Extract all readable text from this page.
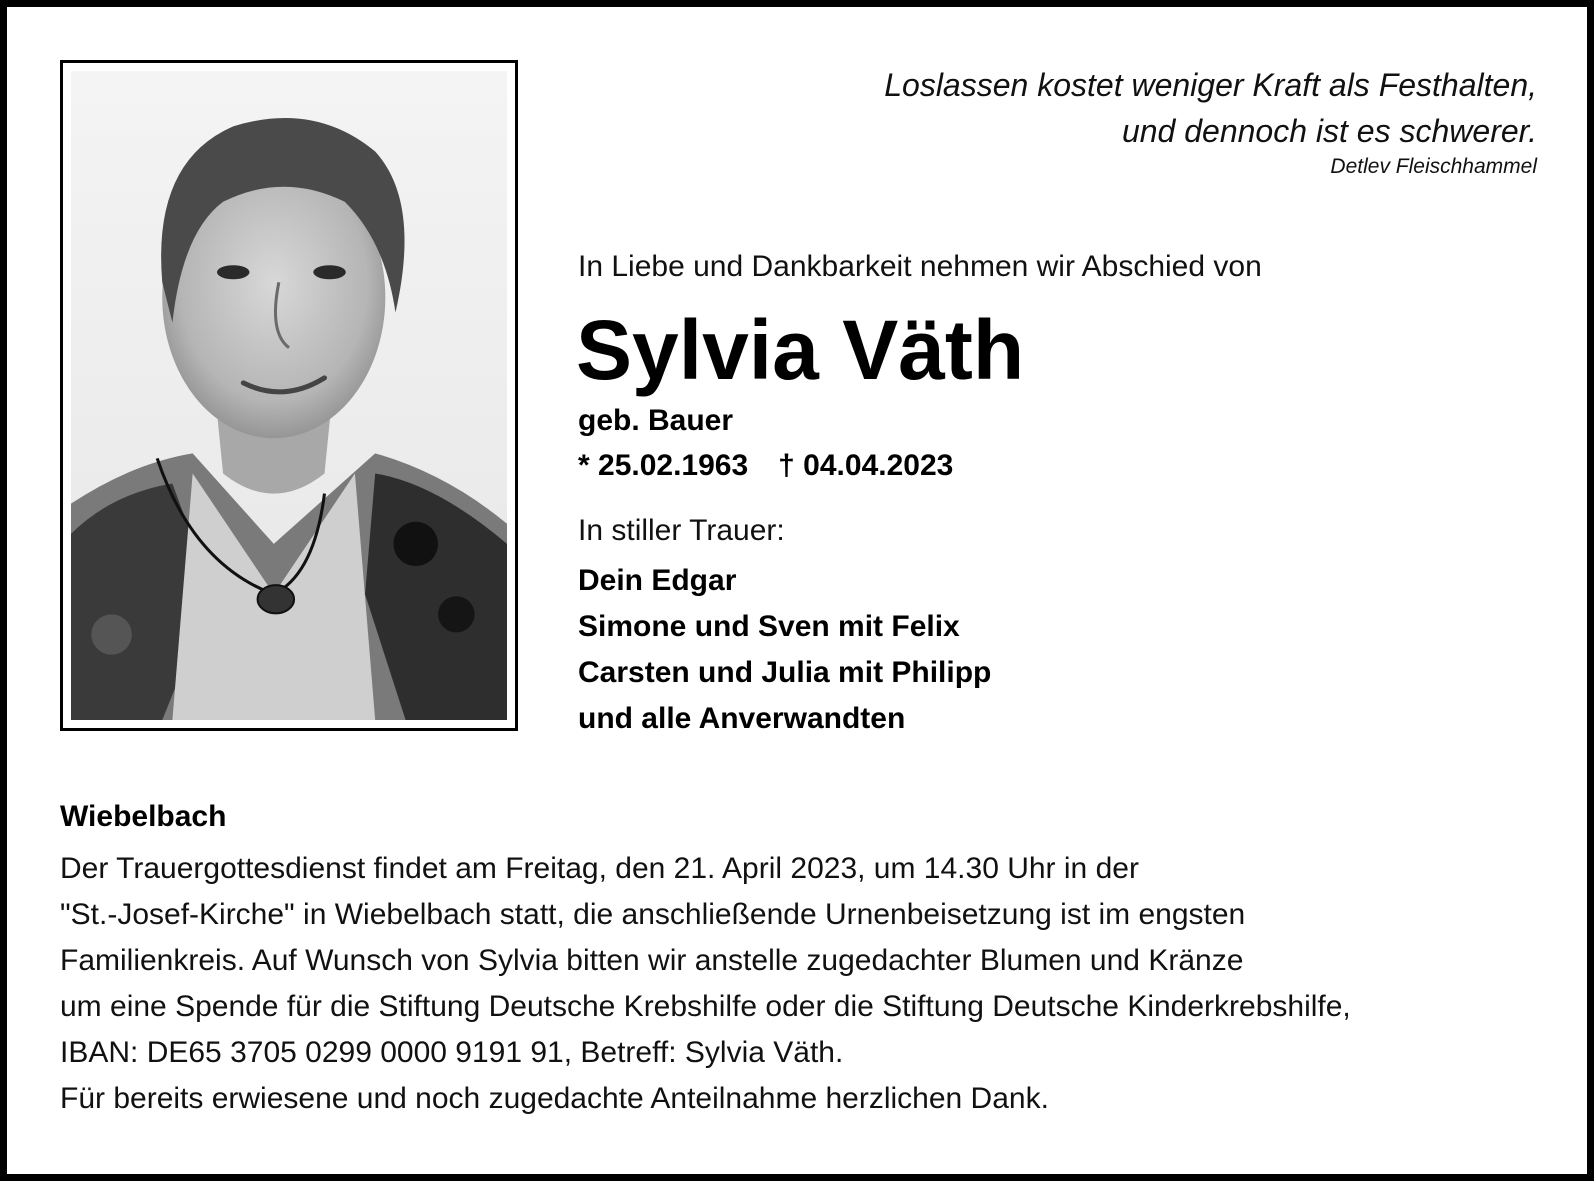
Loslassen kostet weniger Kraft als Festhalten,
und dennoch ist es schwerer.
Detlev Fleischhammel
In Liebe und Dankbarkeit nehmen wir Abschied von
Sylvia Väth
geb. Bauer
* 25.02.1963 † 04.04.2023
In stiller Trauer:
Dein Edgar
Simone und Sven mit Felix
Carsten und Julia mit Philipp
und alle Anverwandten
Wiebelbach
Der Trauergottesdienst findet am Freitag, den 21. April 2023, um 14.30 Uhr in der
"St.-Josef-Kirche" in Wiebelbach statt, die anschließende Urnenbeisetzung ist im engsten
Familienkreis. Auf Wunsch von Sylvia bitten wir anstelle zugedachter Blumen und Kränze
um eine Spende für die Stiftung Deutsche Krebshilfe oder die Stiftung Deutsche Kinderkrebshilfe,
IBAN: DE65 3705 0299 0000 9191 91, Betreff: Sylvia Väth.
Für bereits erwiesene und noch zugedachte Anteilnahme herzlichen Dank.
